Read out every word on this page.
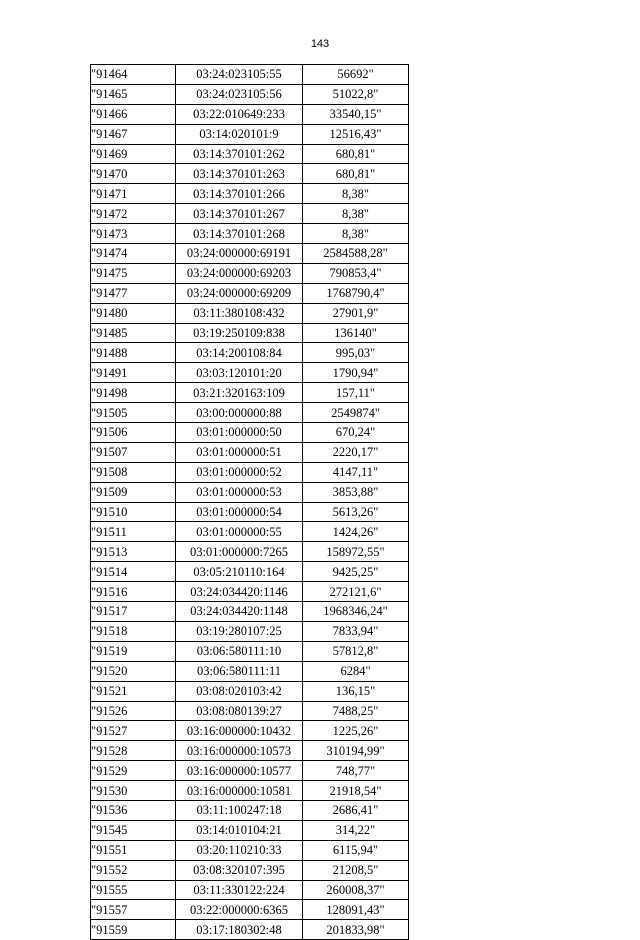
143
"91464	03:24:023105:55	56692"
"91465	03:24:023105:56	51022,8"
"91466	03:22:010649:233	33540,15"
"91467	03:14:020101:9	12516,43"
"91469	03:14:370101:262	680,81"
"91470	03:14:370101:263	680,81"
"91471	03:14:370101:266	8,38"
"91472	03:14:370101:267	8,38"
"91473	03:14:370101:268	8,38"
"91474	03:24:000000:69191	2584588,28"
"91475	03:24:000000:69203	790853,4"
"91477	03:24:000000:69209	1768790,4"
"91480	03:11:380108:432	27901,9"
"91485	03:19:250109:838	136140"
"91488	03:14:200108:84	995,03"
"91491	03:03:120101:20	1790,94"
"91498	03:21:320163:109	157,11"
"91505	03:00:000000:88	2549874"
"91506	03:01:000000:50	670,24"
"91507	03:01:000000:51	2220,17"
"91508	03:01:000000:52	4147,11"
"91509	03:01:000000:53	3853,88"
"91510	03:01:000000:54	5613,26"
"91511	03:01:000000:55	1424,26"
"91513	03:01:000000:7265	158972,55"
"91514	03:05:210110:164	9425,25"
"91516	03:24:034420:1146	272121,6"
"91517	03:24:034420:1148	1968346,24"
"91518	03:19:280107:25	7833,94"
"91519	03:06:580111:10	57812,8"
"91520	03:06:580111:11	6284"
"91521	03:08:020103:42	136,15"
"91526	03:08:080139:27	7488,25"
"91527	03:16:000000:10432	1225,26"
"91528	03:16:000000:10573	310194,99"
"91529	03:16:000000:10577	748,77"
"91530	03:16:000000:10581	21918,54"
"91536	03:11:100247:18	2686,41"
"91545	03:14:010104:21	314,22"
"91551	03:20:110210:33	6115,94"
"91552	03:08:320107:395	21208,5"
"91555	03:11:330122:224	260008,37"
"91557	03:22:000000:6365	128091,43"
"91559	03:17:180302:48	201833,98"
